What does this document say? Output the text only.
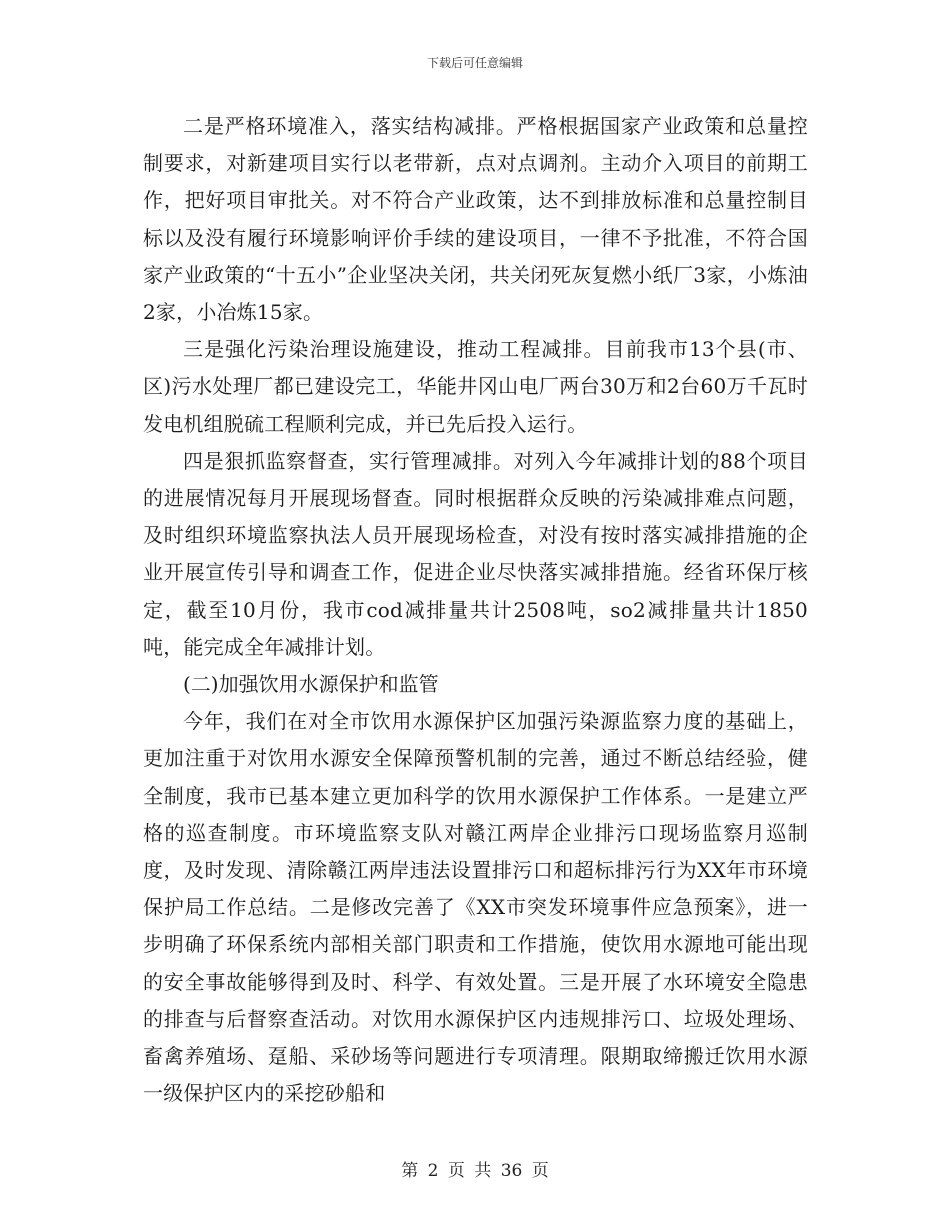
下载后可任意编辑

二是严格环境准入，落实结构减排。严格根据国家产业政策和总量控制要求，对新建项目实行以老带新，点对点调剂。主动介入项目的前期工作，把好项目审批关。对不符合产业政策，达不到排放标准和总量控制目标以及没有履行环境影响评价手续的建设项目，一律不予批准，不符合国家产业政策的“十五小”企业坚决关闭，共关闭死灰复燃小纸厂3家，小炼油2家，小冶炼15家。

三是强化污染治理设施建设，推动工程减排。目前我市13个县(市、区)污水处理厂都已建设完工，华能井冈山电厂两台30万和2台60万千瓦时发电机组脱硫工程顺利完成，并已先后投入运行。

四是狠抓监察督查，实行管理减排。对列入今年减排计划的88个项目的进展情况每月开展现场督查。同时根据群众反映的污染减排难点问题，及时组织环境监察执法人员开展现场检查，对没有按时落实减排措施的企业开展宣传引导和调查工作，促进企业尽快落实减排措施。经省环保厅核定，截至10月份，我市cod减排量共计2508吨，so2减排量共计1850吨，能完成全年减排计划。

(二)加强饮用水源保护和监管

今年，我们在对全市饮用水源保护区加强污染源监察力度的基础上，更加注重于对饮用水源安全保障预警机制的完善，通过不断总结经验，健全制度，我市已基本建立更加科学的饮用水源保护工作体系。一是建立严格的巡查制度。市环境监察支队对赣江两岸企业排污口现场监察月巡制度，及时发现、清除赣江两岸违法设置排污口和超标排污行为XX年市环境保护局工作总结。二是修改完善了《XX市突发环境事件应急预案》，进一步明确了环保系统内部相关部门职责和工作措施，使饮用水源地可能出现的安全事故能够得到及时、科学、有效处置。三是开展了水环境安全隐患的排查与后督察查活动。对饮用水源保护区内违规排污口、垃圾处理场、畜禽养殖场、趸船、采砂场等问题进行专项清理。限期取缔搬迁饮用水源一级保护区内的采挖砂船和

第 2 页 共 36 页
